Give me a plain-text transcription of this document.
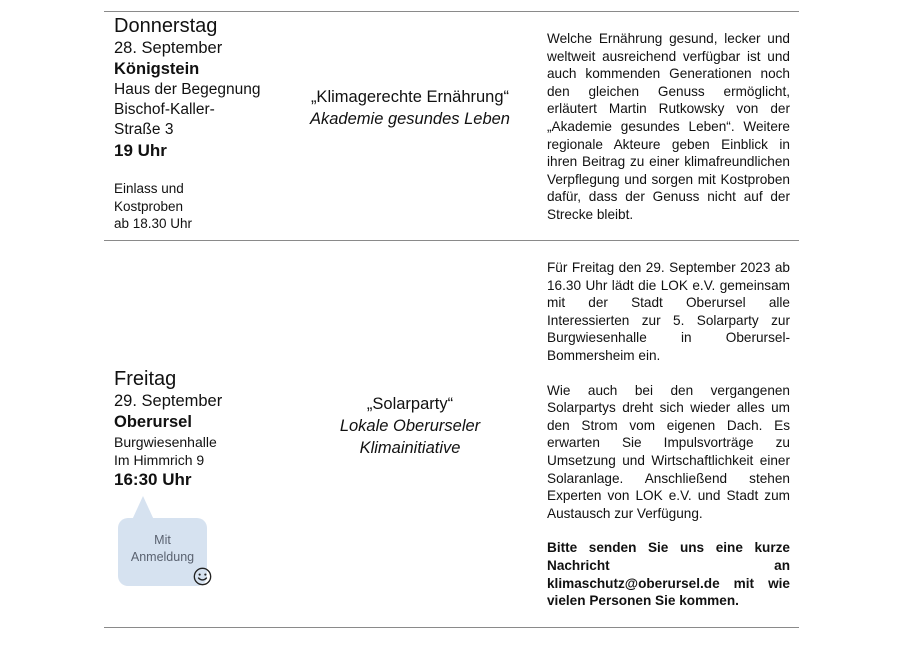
Donnerstag
28. September
Königstein
Haus der Begegnung
Bischof-Kaller-
Straße 3
19 Uhr
Einlass und
Kostproben
ab 18.30 Uhr
„Klimagerechte Ernährung“
Akademie gesundes Leben

Welche Ernährung gesund, lecker und weltweit ausreichend verfügbar ist und auch kommenden Generationen noch den gleichen Genuss ermöglicht, erläutert Martin Rutkowsky von der „Akademie gesundes Leben“. Weitere regionale Akteure geben Einblick in ihren Beitrag zu einer klimafreundlichen Verpflegung und sorgen mit Kostproben dafür, dass der Genuss nicht auf der Strecke bleibt.

Freitag
29. September
Oberursel
Burgwiesenhalle
Im Himmrich 9
16:30 Uhr
Mit
Anmeldung
„Solarparty“
Lokale Oberurseler
Klimainitiative

Für Freitag den 29. September 2023 ab 16.30 Uhr lädt die LOK e.V. gemeinsam mit der Stadt Oberursel alle Interessierten zur 5. Solarparty zur Burgwiesenhalle in Oberursel-Bommersheim ein.

Wie auch bei den vergangenen Solarpartys dreht sich wieder alles um den Strom vom eigenen Dach. Es erwarten Sie Impulsvorträge zu Umsetzung und Wirtschaftlichkeit einer Solaranlage. Anschließend stehen Experten von LOK e.V. und Stadt zum Austausch zur Verfügung.

Bitte senden Sie uns eine kurze Nachricht an klimaschutz@oberursel.de mit wie vielen Personen Sie kommen.
